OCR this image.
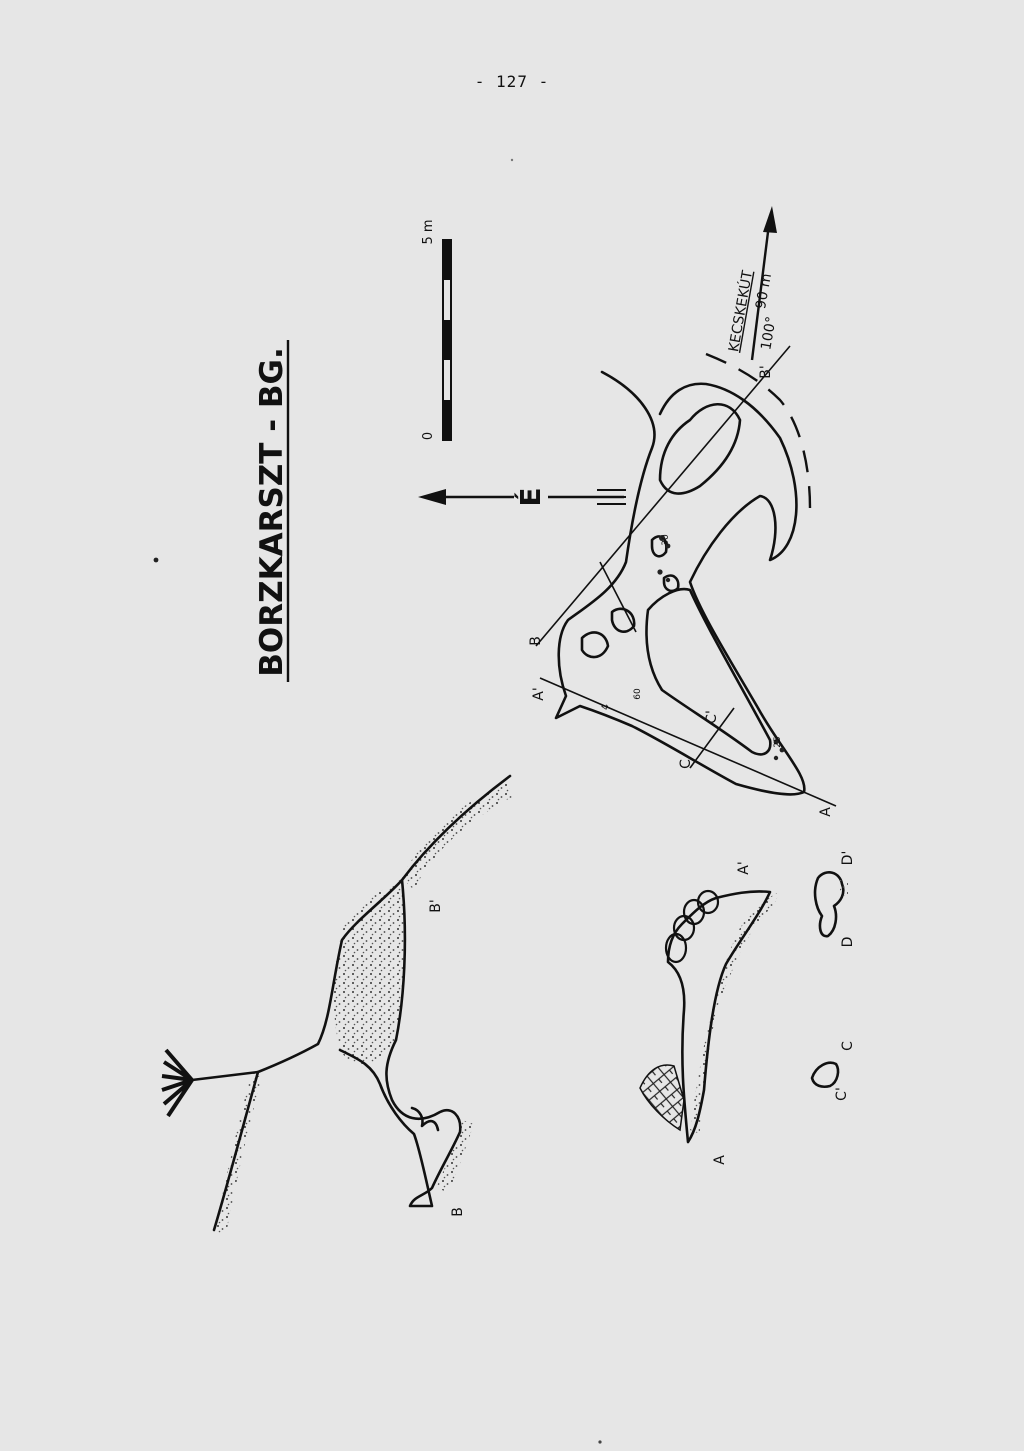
- 127 -
BORZKARSZT - BG.	0
5 m
É
KECSKEKÚT 100°
90 m
A
A'
B
B'
C
C'
4
60
25
30
B
B'
A
A'
C
C'
D
D'
